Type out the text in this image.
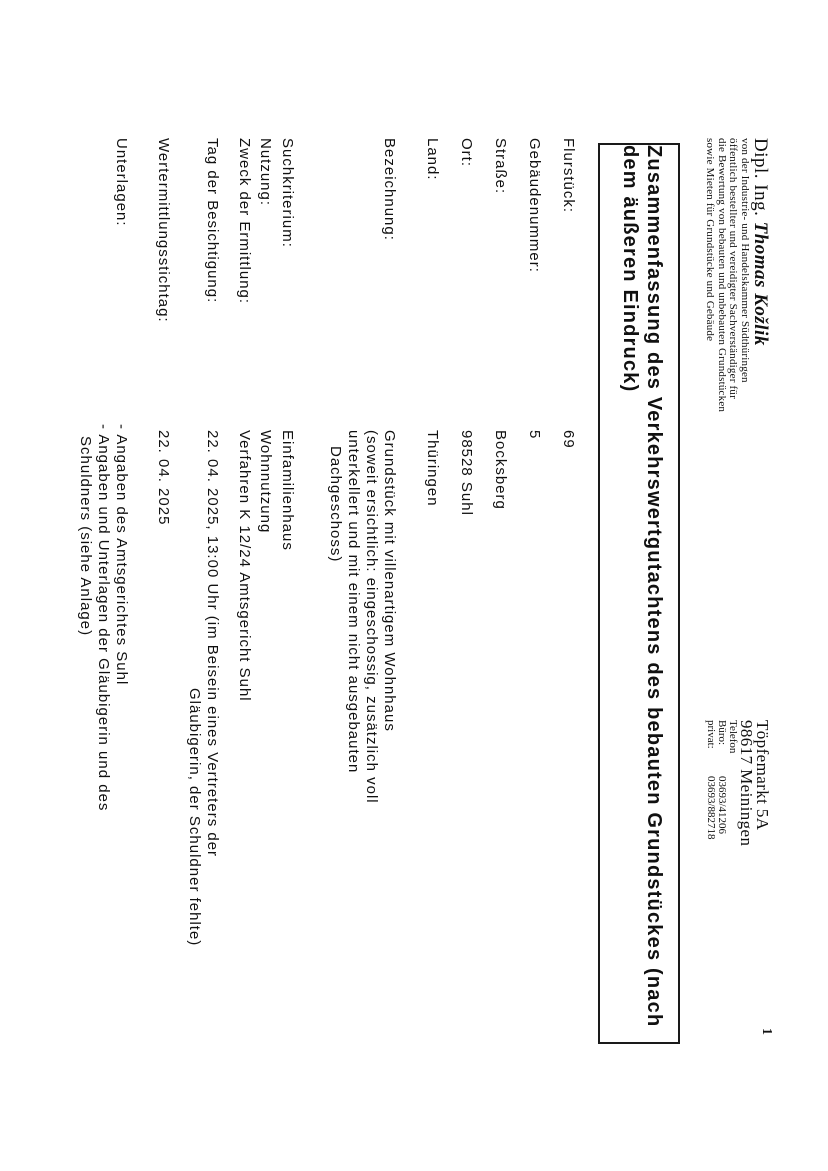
Dipl. Ing. Thomas Kožlik
von der Industrie- und Handelskammer Südthüringen
öffentlich bestellter und vereidigter Sachverständiger für
die Bewertung von bebauten und unbebauten Grundstücken
sowie Mieten für Grundstücke und Gebäude
Töpfemarkt 5A
98617 Meiningen
Telefon
Büro:
03693/41206
privat:
03693/882718
1
Zusammenfassung des Verkehrswertgutachtens des bebauten Grundstückes (nach dem äußeren Eindruck)
Flurstück:
69
Gebäudenummer:
5
Straße:
Bocksberg
Ort:
98528 Suhl
Land:
Thüringen
Bezeichnung:
Grundstück mit villenartigem Wohnhaus
(soweit ersichtlich: eingeschossig, zusätzlich voll
unterkellert und mit einem nicht ausgebauten
Dachgeschoss)
Suchkriterium:
Einfamilienhaus
Nutzung:
Wohnnutzung
Zweck der Ermittlung:
Verfahren K 12/24 Amtsgericht Suhl
Tag der Besichtigung:
22. 04. 2025, 13:00 Uhr (im Beisein eines Vertreters der
Gläubigerin, der Schuldner fehlte)
Wertermittlungsstichtag:
22. 04. 2025
Unterlagen:
- Angaben des Amtsgerichtes Suhl
- Angaben und Unterlagen der Gläubigerin und des
Schuldners (siehe Anlage)
